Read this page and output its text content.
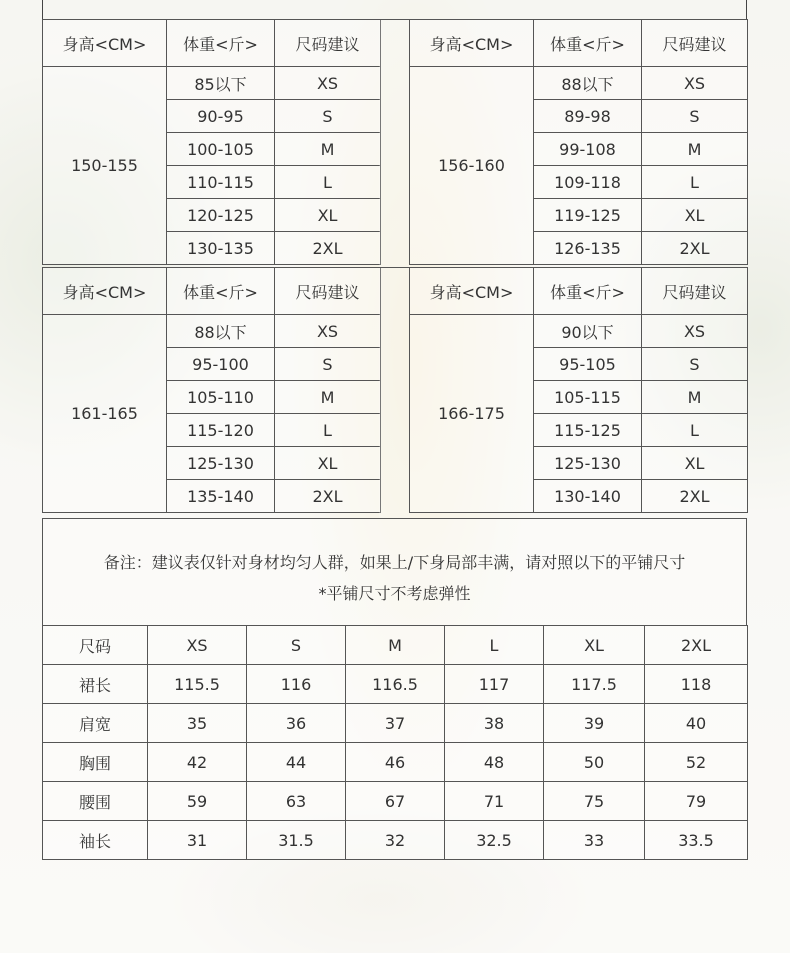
身高<CM>	体重<斤>	尺码建议
150-155	85以下	XS
	90-95	S
	100-105	M
	110-115	L
	120-125	XL
	130-135	2XL
身高<CM>	体重<斤>	尺码建议
156-160	88以下	XS
	89-98	S
	99-108	M
	109-118	L
	119-125	XL
	126-135	2XL
身高<CM>	体重<斤>	尺码建议
161-165	88以下	XS
	95-100	S
	105-110	M
	115-120	L
	125-130	XL
	135-140	2XL
身高<CM>	体重<斤>	尺码建议
166-175	90以下	XS
	95-105	S
	105-115	M
	115-125	L
	125-130	XL
	130-140	2XL
备注：建议表仅针对身材均匀人群，如果上/下身局部丰满，请对照以下的平铺尺寸
*平铺尺寸不考虑弹性
尺码	XS	S	M	L	XL	2XL
裙长	115.5	116	116.5	117	117.5	118
肩宽	35	36	37	38	39	40
胸围	42	44	46	48	50	52
腰围	59	63	67	71	75	79
袖长	31	31.5	32	32.5	33	33.5
